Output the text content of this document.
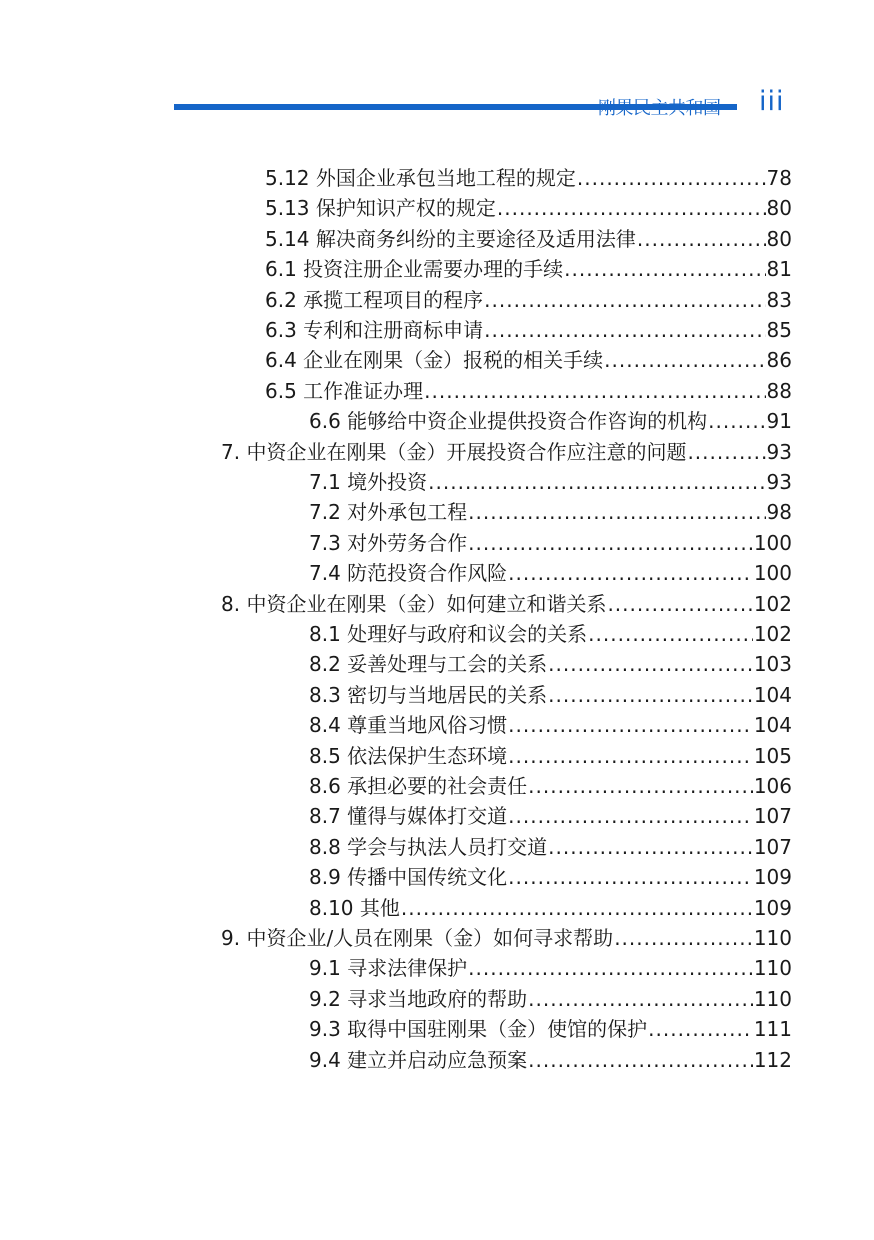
刚果民主共和国 iii
5.12 外国企业承包当地工程的规定 .....	78
5.13 保护知识产权的规定 .....	80
5.14 解决商务纠纷的主要途径及适用法律 .....	80
6.1 投资注册企业需要办理的手续 .....	81
6.2 承揽工程项目的程序 .....	83
6.3 专利和注册商标申请 .....	85
6.4 企业在刚果（金）报税的相关手续 .....	86
6.5 工作准证办理 .....	88
6.6 能够给中资企业提供投资合作咨询的机构 .....	91
7. 中资企业在刚果（金）开展投资合作应注意的问题 .....	93
7.1 境外投资 .....	93
7.2 对外承包工程 .....	98
7.3 对外劳务合作 .....	100
7.4 防范投资合作风险 .....	100
8. 中资企业在刚果（金）如何建立和谐关系 .....	102
8.1 处理好与政府和议会的关系 .....	102
8.2 妥善处理与工会的关系 .....	103
8.3 密切与当地居民的关系 .....	104
8.4 尊重当地风俗习惯 .....	104
8.5 依法保护生态环境 .....	105
8.6 承担必要的社会责任 .....	106
8.7 懂得与媒体打交道 .....	107
8.8 学会与执法人员打交道 .....	107
8.9 传播中国传统文化 .....	109
8.10 其他 .....	109
9. 中资企业/人员在刚果（金）如何寻求帮助 .....	110
9.1 寻求法律保护 .....	110
9.2 寻求当地政府的帮助 .....	110
9.3 取得中国驻刚果（金）使馆的保护 .....	111
9.4 建立并启动应急预案 .....	112
